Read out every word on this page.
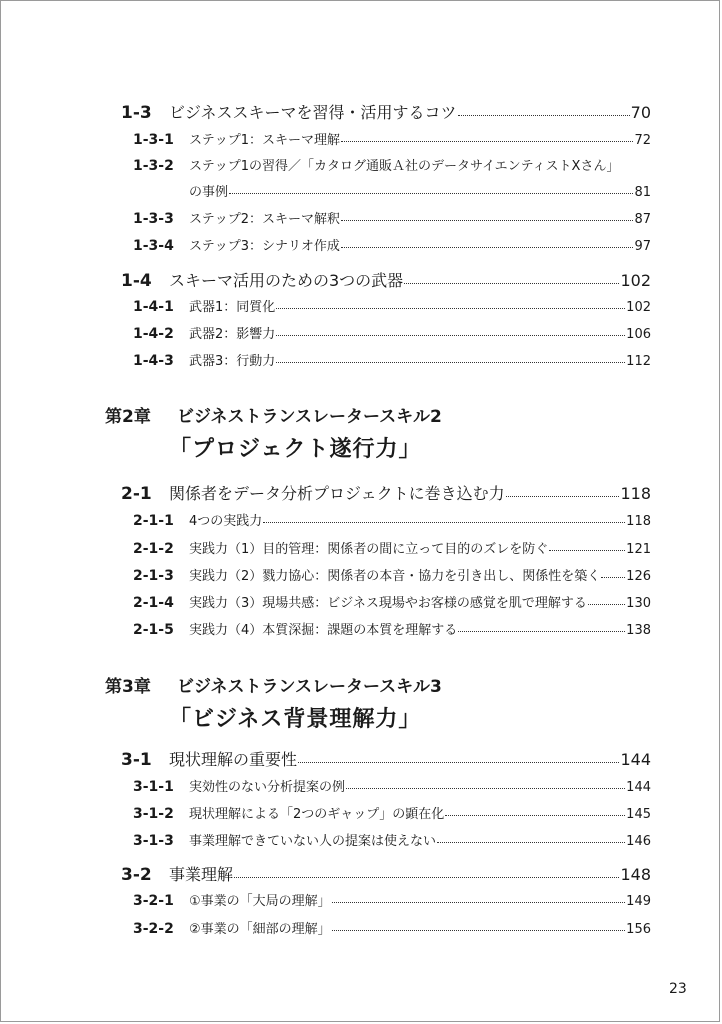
1-3	ビジネススキーマを習得・活用するコツ	70
1-3-1	ステップ1：スキーマ理解	72
1-3-2	ステップ1の習得／「カタログ通販Ａ社のデータサイエンティストXさん」
の事例	81
1-3-3	ステップ2：スキーマ解釈	87
1-3-4	ステップ3：シナリオ作成	97
1-4	スキーマ活用のための3つの武器	102
1-4-1	武器1：同質化	102
1-4-2	武器2：影響力	106
1-4-3	武器3：行動力	112
第2章 ビジネストランスレータースキル2
「プロジェクト遂行力」
2-1	関係者をデータ分析プロジェクトに巻き込む力	118
2-1-1	4つの実践力	118
2-1-2	実践力（1）目的管理：関係者の間に立って目的のズレを防ぐ	121
2-1-3	実践力（2）戮力協心：関係者の本音・協力を引き出し、関係性を築く 126
2-1-4	実践力（3）現場共感：ビジネス現場やお客様の感覚を肌で理解する	130
2-1-5	実践力（4）本質深掘：課題の本質を理解する	138
第3章 ビジネストランスレータースキル3
「ビジネス背景理解力」
3-1	現状理解の重要性	144
3-1-1	実効性のない分析提案の例	144
3-1-2	現状理解による「2つのギャップ」の顕在化	145
3-1-3	事業理解できていない人の提案は使えない	146
3-2	事業理解	148
3-2-1	①事業の「大局の理解」	149
3-2-2	②事業の「細部の理解」	156
23
